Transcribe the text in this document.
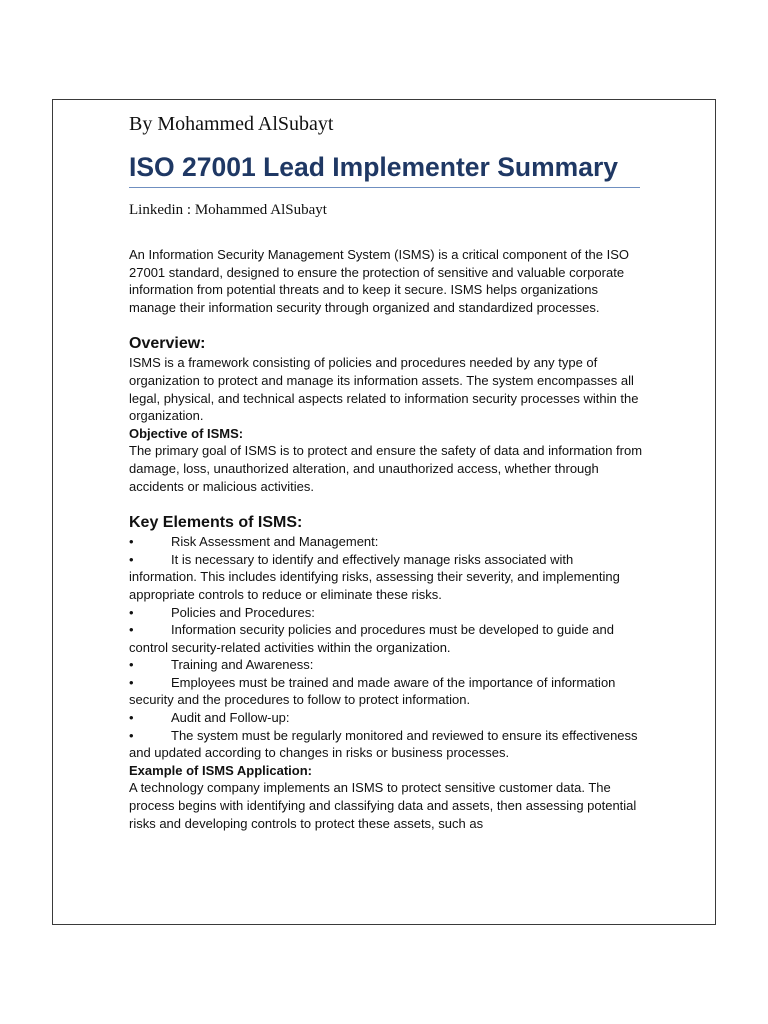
By Mohammed AlSubayt

ISO 27001 Lead Implementer Summary

Linkedin : Mohammed AlSubayt

An Information Security Management System (ISMS) is a critical component of the ISO 27001 standard, designed to ensure the protection of sensitive and valuable corporate information from potential threats and to keep it secure. ISMS helps organizations manage their information security through organized and standardized processes.

Overview:

ISMS is a framework consisting of policies and procedures needed by any type of organization to protect and manage its information assets. The system encompasses all legal, physical, and technical aspects related to information security processes within the organization.

Objective of ISMS:

The primary goal of ISMS is to protect and ensure the safety of data and information from damage, loss, unauthorized alteration, and unauthorized access, whether through accidents or malicious activities.

Key Elements of ISMS:

•	Risk Assessment and Management:

•	It is necessary to identify and effectively manage risks associated with information. This includes identifying risks, assessing their severity, and implementing appropriate controls to reduce or eliminate these risks.

•	Policies and Procedures:

•	Information security policies and procedures must be developed to guide and control security-related activities within the organization.

•	Training and Awareness:

•	Employees must be trained and made aware of the importance of information security and the procedures to follow to protect information.

•	Audit and Follow-up:

•	The system must be regularly monitored and reviewed to ensure its effectiveness and updated according to changes in risks or business processes.

Example of ISMS Application:

A technology company implements an ISMS to protect sensitive customer data. The process begins with identifying and classifying data and assets, then assessing potential risks and developing controls to protect these assets, such as
